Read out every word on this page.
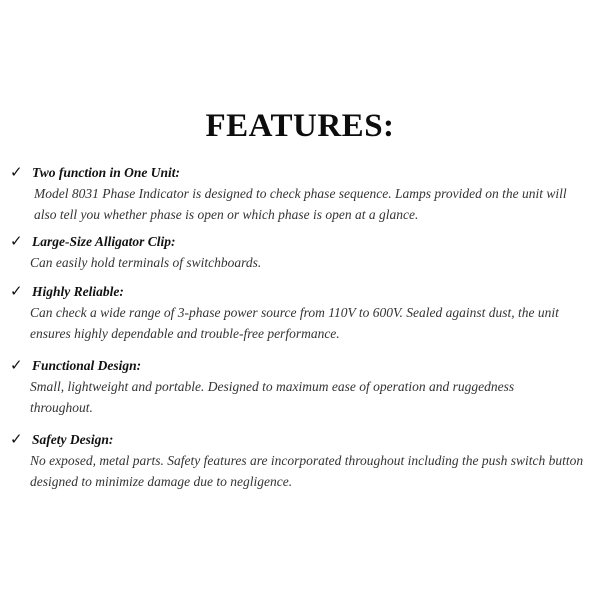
FEATURES:
✓ Two function in One Unit:
Model 8031 Phase Indicator is designed to check phase sequence. Lamps provided on the unit will also tell you whether phase is open or which phase is open at a glance.
✓ Large-Size Alligator Clip:
Can easily hold terminals of switchboards.
✓ Highly Reliable:
Can check a wide range of 3-phase power source from 110V to 600V. Sealed against dust, the unit ensures highly dependable and trouble-free performance.
✓ Functional Design:
Small, lightweight and portable. Designed to maximum ease of operation and ruggedness throughout.
✓ Safety Design:
No exposed, metal parts. Safety features are incorporated throughout including the push switch button designed to minimize damage due to negligence.
